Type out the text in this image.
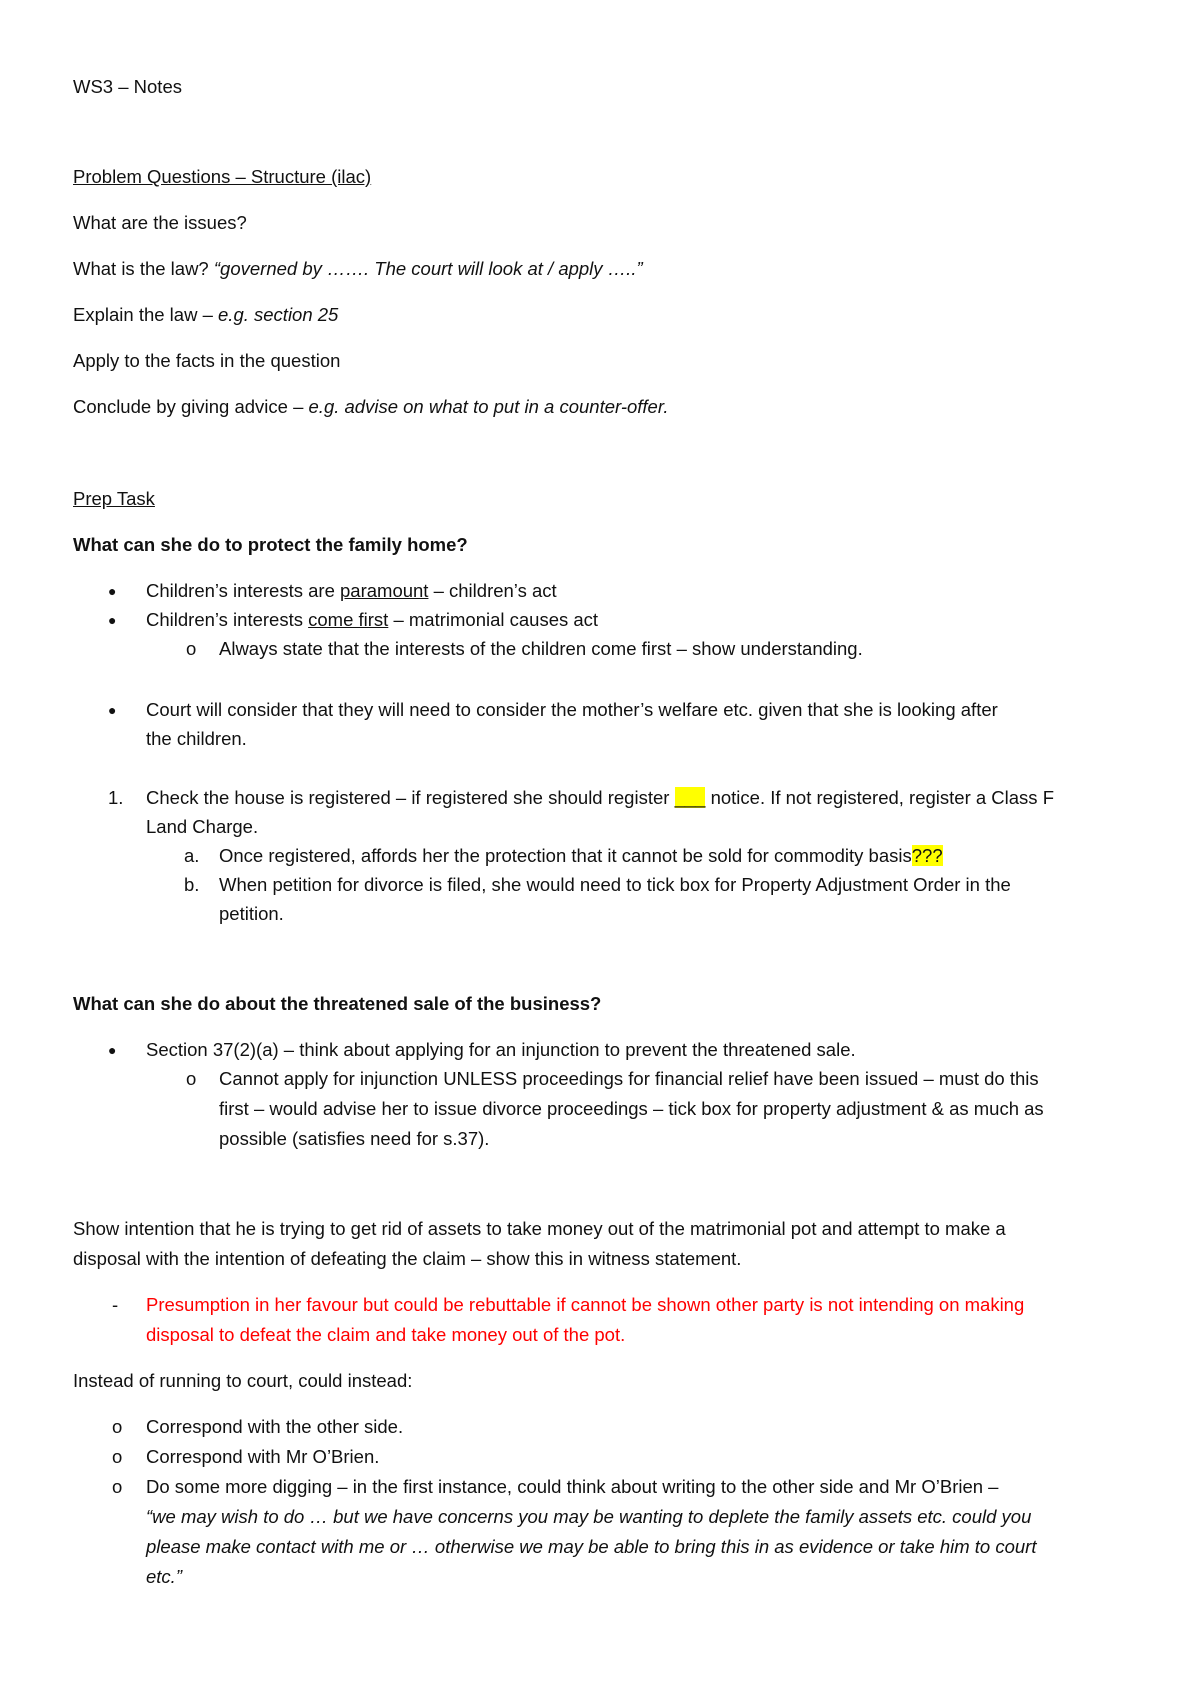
WS3 – Notes
Problem Questions – Structure (ilac)
What are the issues?
What is the law? “governed by ……. The court will look at / apply …..”
Explain the law – e.g. section 25
Apply to the facts in the question
Conclude by giving advice – e.g. advise on what to put in a counter-offer.
Prep Task
What can she do to protect the family home?
●	Children’s interests are paramount – children’s act
●	Children’s interests come first – matrimonial causes act
o	Always state that the interests of the children come first – show understanding.
●	Court will consider that they will need to consider the mother’s welfare etc. given that she is looking after
the children.
1.	Check the house is registered – if registered she should register ___ notice. If not registered, register a Class F
Land Charge.
a.	Once registered, affords her the protection that it cannot be sold for commodity basis???
b.	When petition for divorce is filed, she would need to tick box for Property Adjustment Order in the
petition.
What can she do about the threatened sale of the business?
●	Section 37(2)(a) – think about applying for an injunction to prevent the threatened sale.
o	Cannot apply for injunction UNLESS proceedings for financial relief have been issued – must do this
first – would advise her to issue divorce proceedings – tick box for property adjustment & as much as
possible (satisfies need for s.37).
Show intention that he is trying to get rid of assets to take money out of the matrimonial pot and attempt to make a
disposal with the intention of defeating the claim – show this in witness statement.
-	Presumption in her favour but could be rebuttable if cannot be shown other party is not intending on making
disposal to defeat the claim and take money out of the pot.
Instead of running to court, could instead:
o	Correspond with the other side.
o	Correspond with Mr O’Brien.
o	Do some more digging – in the first instance, could think about writing to the other side and Mr O’Brien –
“we may wish to do … but we have concerns you may be wanting to deplete the family assets etc. could you
please make contact with me or … otherwise we may be able to bring this in as evidence or take him to court
etc.”
